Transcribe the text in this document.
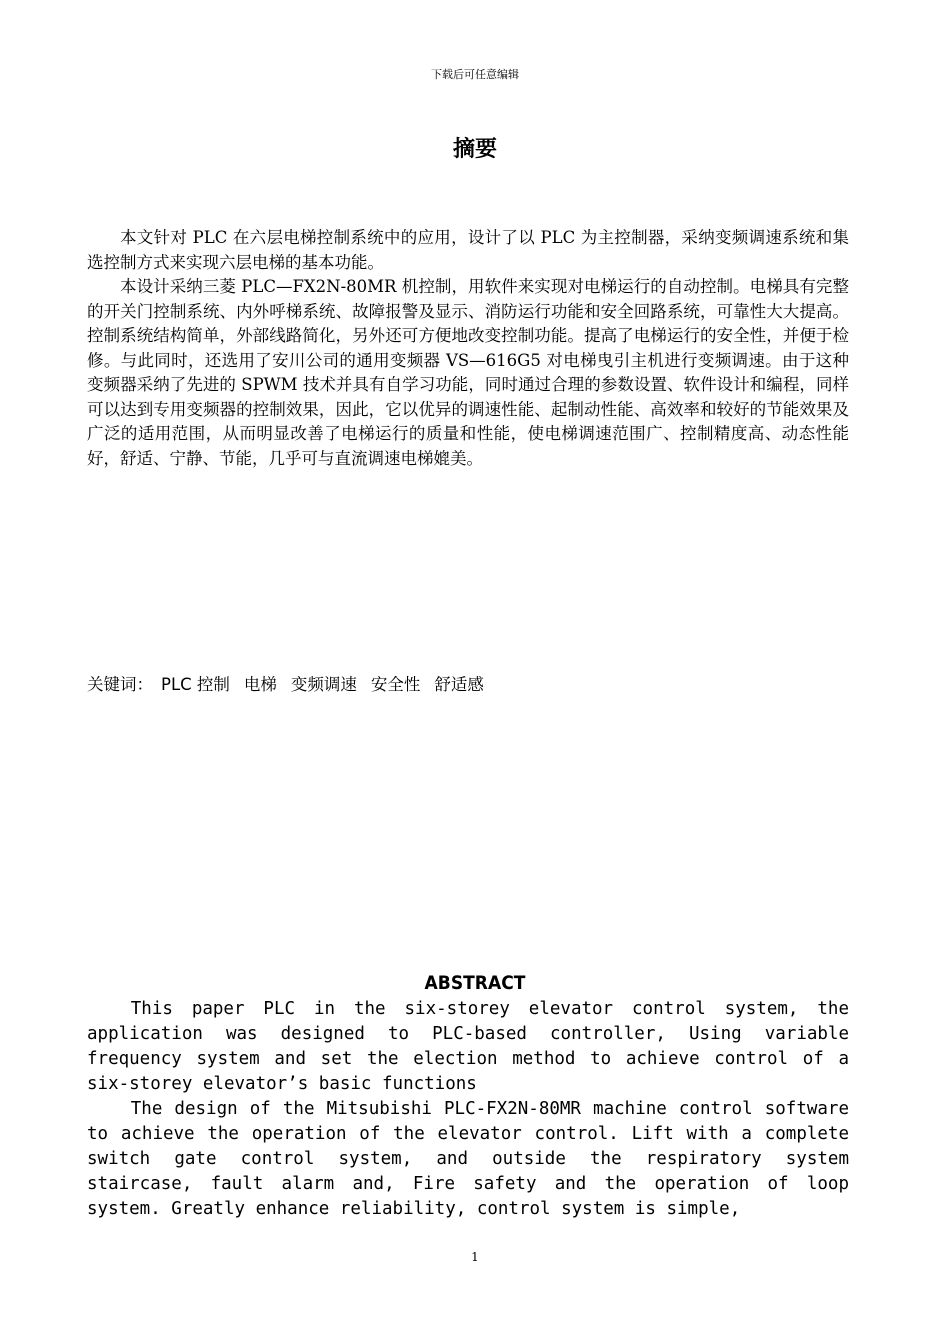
下载后可任意编辑
摘要

本文针对 PLC 在六层电梯控制系统中的应用，设计了以 PLC 为主控制器，采纳变频调速系统和集选控制方式来实现六层电梯的基本功能。

本设计采纳三菱 PLC—FX2N-80MR 机控制，用软件来实现对电梯运行的自动控制。电梯具有完整的开关门控制系统、内外呼梯系统、故障报警及显示、消防运行功能和安全回路系统，可靠性大大提高。控制系统结构简单，外部线路简化，另外还可方便地改变控制功能。提高了电梯运行的安全性，并便于检修。与此同时，还选用了安川公司的通用变频器 VS—616G5 对电梯曳引主机进行变频调速。由于这种变频器采纳了先进的 SPWM 技术并具有自学习功能，同时通过合理的参数设置、软件设计和编程，同样可以达到专用变频器的控制效果，因此，它以优异的调速性能、起制动性能、高效率和较好的节能效果及广泛的适用范围，从而明显改善了电梯运行的质量和性能，使电梯调速范围广、控制精度高、动态性能好，舒适、宁静、节能，几乎可与直流调速电梯媲美。

关键词： PLC 控制 电梯 变频调速 安全性 舒适感
ABSTRACT

This paper PLC in the six-storey elevator control system, the application was designed to PLC-based controller, Using variable frequency system and set the election method to achieve control of a six-storey elevator’s basic functions

The design of the Mitsubishi PLC-FX2N-80MR machine control software to achieve the operation of the elevator control. Lift with a complete switch gate control system, and outside the respiratory system staircase, fault alarm and, Fire safety and the operation of loop system. Greatly enhance reliability, control system is simple,

1
